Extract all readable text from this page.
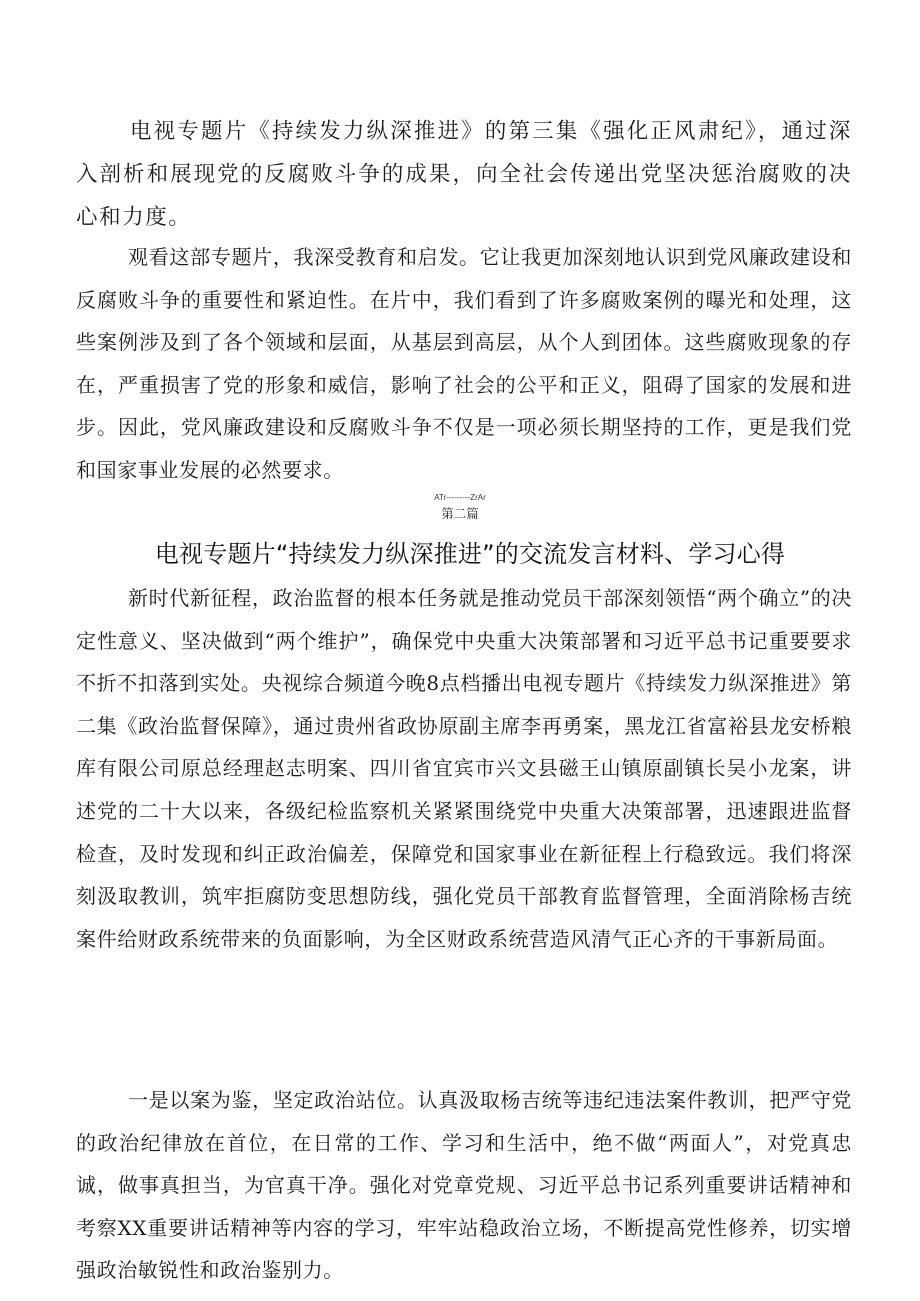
电视专题片《持续发力纵深推进》的第三集《强化正风肃纪》，通过深入剖析和展现党的反腐败斗争的成果，向全社会传递出党坚决惩治腐败的决心和力度。

观看这部专题片，我深受教育和启发。它让我更加深刻地认识到党风廉政建设和反腐败斗争的重要性和紧迫性。在片中，我们看到了许多腐败案例的曝光和处理，这些案例涉及到了各个领域和层面，从基层到高层，从个人到团体。这些腐败现象的存在，严重损害了党的形象和威信，影响了社会的公平和正义，阻碍了国家的发展和进步。因此，党风廉政建设和反腐败斗争不仅是一项必须长期坚持的工作，更是我们党和国家事业发展的必然要求。

ATr---------ZrAr
第二篇
电视专题片“持续发力纵深推进”的交流发言材料、学习心得

新时代新征程，政治监督的根本任务就是推动党员干部深刻领悟“两个确立”的决定性意义、坚决做到“两个维护”，确保党中央重大决策部署和习近平总书记重要要求不折不扣落到实处。央视综合频道今晚8点档播出电视专题片《持续发力纵深推进》第二集《政治监督保障》，通过贵州省政协原副主席李再勇案，黑龙江省富裕县龙安桥粮库有限公司原总经理赵志明案、四川省宜宾市兴文县磁王山镇原副镇长吴小龙案，讲述党的二十大以来，各级纪检监察机关紧紧围绕党中央重大决策部署，迅速跟进监督检查，及时发现和纠正政治偏差，保障党和国家事业在新征程上行稳致远。我们将深刻汲取教训，筑牢拒腐防变思想防线，强化党员干部教育监督管理，全面消除杨吉统案件给财政系统带来的负面影响，为全区财政系统营造风清气正心齐的干事新局面。

一是以案为鉴，坚定政治站位。认真汲取杨吉统等违纪违法案件教训，把严守党的政治纪律放在首位，在日常的工作、学习和生活中，绝不做“两面人”，对党真忠诚，做事真担当，为官真干净。强化对党章党规、习近平总书记系列重要讲话精神和考察XX重要讲话精神等内容的学习，牢牢站稳政治立场，不断提高党性修养，切实增强政治敏锐性和政治鉴别力。
